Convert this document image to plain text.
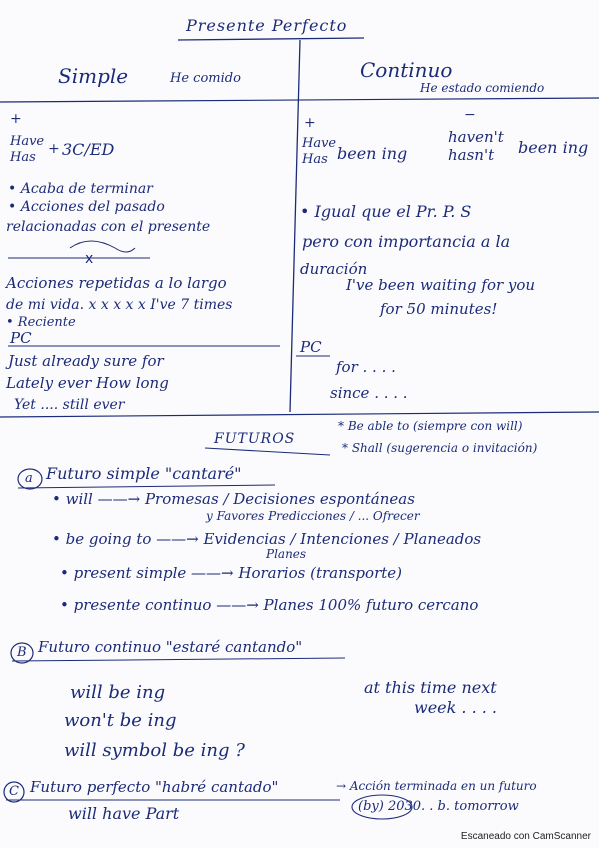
x
Presente Perfecto
Simple	He comido
+
Have
Has
+ 3C/ED
• Acaba de terminar
• Acciones del pasado
relacionadas con el presente
Acciones repetidas a lo largo
de mi vida. x x x x x I've 7 times
• Reciente
PC
Just already sure for
Lately ever How long
Yet .... still ever
Continuo
He estado comiendo
+
Have
Has been ing
−
haven't
hasn't	been ing
• Igual que el Pr. P. S
pero con importancia a la
duración
I've been waiting for you
for 50 minutes!
PC
for . . . .
since . . . .
FUTUROS
* Be able to (siempre con will)
* Shall (sugerencia o invitación)
a Futuro simple "cantaré"
• will ——→ Promesas / Decisiones espontáneas
y Favores Predicciones / ... Ofrecer
• be going to ——→ Evidencias / Intenciones / Planeados
Planes
• present simple ——→ Horarios (transporte)
• presente continuo ——→ Planes 100% futuro cercano
B Futuro continuo "estaré cantando"
will be ing
won't be ing
will symbol be ing ?
at this time next
week . . . .
C Futuro perfecto "habré cantado"	→ Acción terminada en un futuro
(by) 2030. . b. tomorrow
will have Part
Escaneado con CamScanner
